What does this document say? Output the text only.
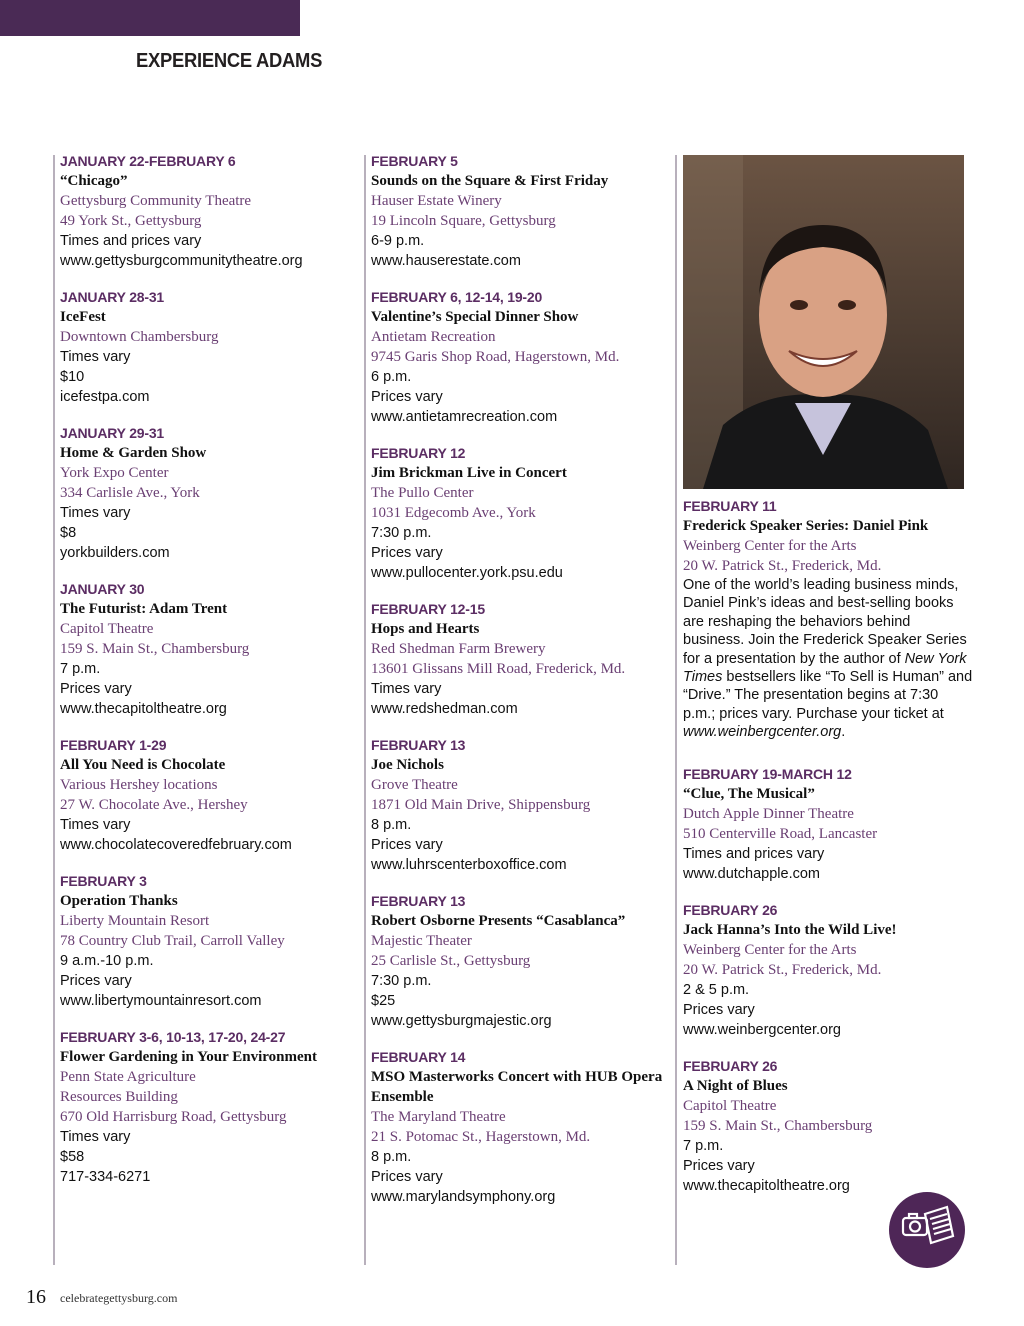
EXPERIENCE ADAMS
JANUARY 22-FEBRUARY 6
“Chicago”
Gettysburg Community Theatre
49 York St., Gettysburg
Times and prices vary
www.gettysburgcommunitytheatre.org
JANUARY 28-31
IceFest
Downtown Chambersburg
Times vary
$10
icefestpa.com
JANUARY 29-31
Home & Garden Show
York Expo Center
334 Carlisle Ave., York
Times vary
$8
yorkbuilders.com
JANUARY 30
The Futurist: Adam Trent
Capitol Theatre
159 S. Main St., Chambersburg
7 p.m.
Prices vary
www.thecapitoltheatre.org
FEBRUARY 1-29
All You Need is Chocolate
Various Hershey locations
27 W. Chocolate Ave., Hershey
Times vary
www.chocolatecoveredfebruary.com
FEBRUARY 3
Operation Thanks
Liberty Mountain Resort
78 Country Club Trail, Carroll Valley
9 a.m.-10 p.m.
Prices vary
www.libertymountainresort.com
FEBRUARY 3-6, 10-13, 17-20, 24-27
Flower Gardening in Your Environment
Penn State Agriculture
Resources Building
670 Old Harrisburg Road, Gettysburg
Times vary
$58
717-334-6271
FEBRUARY 5
Sounds on the Square & First Friday
Hauser Estate Winery
19 Lincoln Square, Gettysburg
6-9 p.m.
www.hauserestate.com
FEBRUARY 6, 12-14, 19-20
Valentine’s Special Dinner Show
Antietam Recreation
9745 Garis Shop Road, Hagerstown, Md.
6 p.m.
Prices vary
www.antietamrecreation.com
FEBRUARY 12
Jim Brickman Live in Concert
The Pullo Center
1031 Edgecomb Ave., York
7:30 p.m.
Prices vary
www.pullocenter.york.psu.edu
FEBRUARY 12-15
Hops and Hearts
Red Shedman Farm Brewery
13601 Glissans Mill Road, Frederick, Md.
Times vary
www.redshedman.com
FEBRUARY 13
Joe Nichols
Grove Theatre
1871 Old Main Drive, Shippensburg
8 p.m.
Prices vary
www.luhrscenterboxoffice.com
FEBRUARY 13
Robert Osborne Presents “Casablanca”
Majestic Theater
25 Carlisle St., Gettysburg
7:30 p.m.
$25
www.gettysburgmajestic.org
FEBRUARY 14
MSO Masterworks Concert with HUB Opera Ensemble
The Maryland Theatre
21 S. Potomac St., Hagerstown, Md.
8 p.m.
Prices vary
www.marylandsymphony.org
FEBRUARY 11
Frederick Speaker Series: Daniel Pink
Weinberg Center for the Arts
20 W. Patrick St., Frederick, Md.
One of the world’s leading business minds, Daniel Pink’s ideas and best-selling books are reshaping the behaviors behind business. Join the Frederick Speaker Series for a presentation by the author of New York Times bestsellers like “To Sell is Human” and “Drive.” The presentation begins at 7:30 p.m.; prices vary. Purchase your ticket at www.weinbergcenter.org.
FEBRUARY 19-MARCH 12
“Clue, The Musical”
Dutch Apple Dinner Theatre
510 Centerville Road, Lancaster
Times and prices vary
www.dutchapple.com
FEBRUARY 26
Jack Hanna’s Into the Wild Live!
Weinberg Center for the Arts
20 W. Patrick St., Frederick, Md.
2 & 5 p.m.
Prices vary
www.weinbergcenter.org
FEBRUARY 26
A Night of Blues
Capitol Theatre
159 S. Main St., Chambersburg
7 p.m.
Prices vary
www.thecapitoltheatre.org
16 celebrategettysburg.com
